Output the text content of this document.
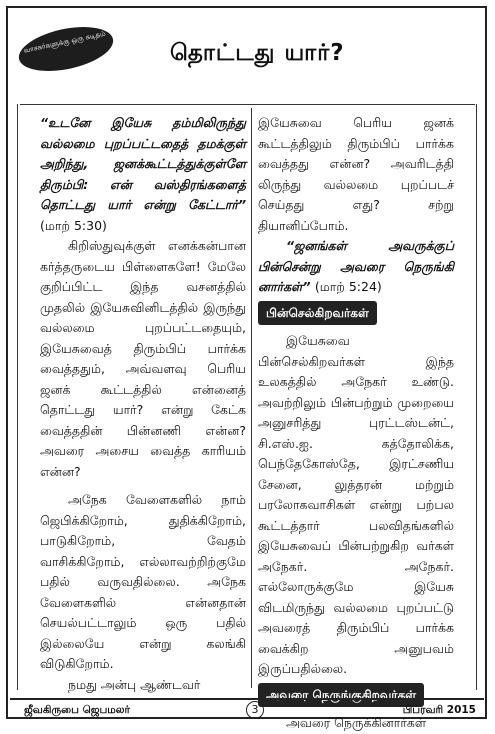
வாசகர்களுக்கு ஒரு கடிதம்	தொட்டது யார்?

“உடனே இயேசு தம்மிலிருந்து வல்லமை புறப்பட்டதைத் தமக்குள் அறிந்து, ஜனக்கூட்டத்துக்குள்ளே திரும்பி: என் வஸ்திரங்களைத் தொட்டது யார் என்று கேட்டார்” (மாற் 5:30)

கிறிஸ்துவுக்குள் எனக்கன்பான கர்த்தருடைய பிள்ளைகளே! மேலே குறிப்பிட்ட இந்த வசனத்தில் முதலில் இயேசுவினிடத்தில் இருந்து வல்லமை புறப்பட்டதையும், இயேசுவைத் திரும்பிப் பார்க்க வைத்ததும், அவ்வளவு பெரிய ஜனக் கூட்டத்தில் என்னைத் தொட்டது யார்? என்று கேட்க வைத்ததின் பின்னணி என்ன? அவரை அசைய வைத்த காரியம் என்ன?

அநேக வேளைகளில் நாம் ஜெபிக்கிறோம், துதிக்கிறோம், பாடுகிறோம், வேதம் வாசிக்கிறோம், எல்லாவற்றிற்குமே பதில் வருவதில்லை. அநேக வேளைகளில் என்னதான் செயல்பட்டாலும் ஒரு பதில் இல்லையே என்று கலங்கி விடுகிறோம்.

நமது அன்பு ஆண்டவர்

இயேசுவை பெரிய ஜனக் கூட்டத்திலும் திரும்பிப் பார்க்க வைத்தது என்ன? அவரிடத்தி லிருந்து வல்லமை புறப்படச் செய்தது எது? சற்று தியானிப்போம்.

“ஜனங்கள் அவருக்குப் பின்சென்று அவரை நெருங்கி னார்கள்” (மாற் 5:24)

பின்செல்கிறவர்கள்

இயேசுவை பின்செல்கிறவர்கள் இந்த உலகத்தில் அநேகர் உண்டு. அவற்றிலும் பின்பற்றும் முறையை அனுசரித்து புரட்டஸ்டன்ட், சி.எஸ்.ஐ. கத்தோலிக்க, பெந்தேகோஸ்தே, இரட்சணிய சேனை, லுத்தரன் மற்றும் பரலோகவாசிகள் என்று பற்பல கூட்டத்தார் பலவிதங்களில் இயேசுவைப் பின்பற்றுகிற வர்கள் அநேகர். அநேகர். எல்லோருக்குமே இயேசு விடமிருந்து வல்லமை புறப்பட்டு அவரைத் திரும்பிப் பார்க்க வைக்கிற அனுபவம் இருப்பதில்லை.

அவரை நெருங்குகிறவர்கள்

அவரை நெருக்கினார்கள்

ஜீவகிருபை ஜெபமலர்	3	பிப்ரவரி 2015
